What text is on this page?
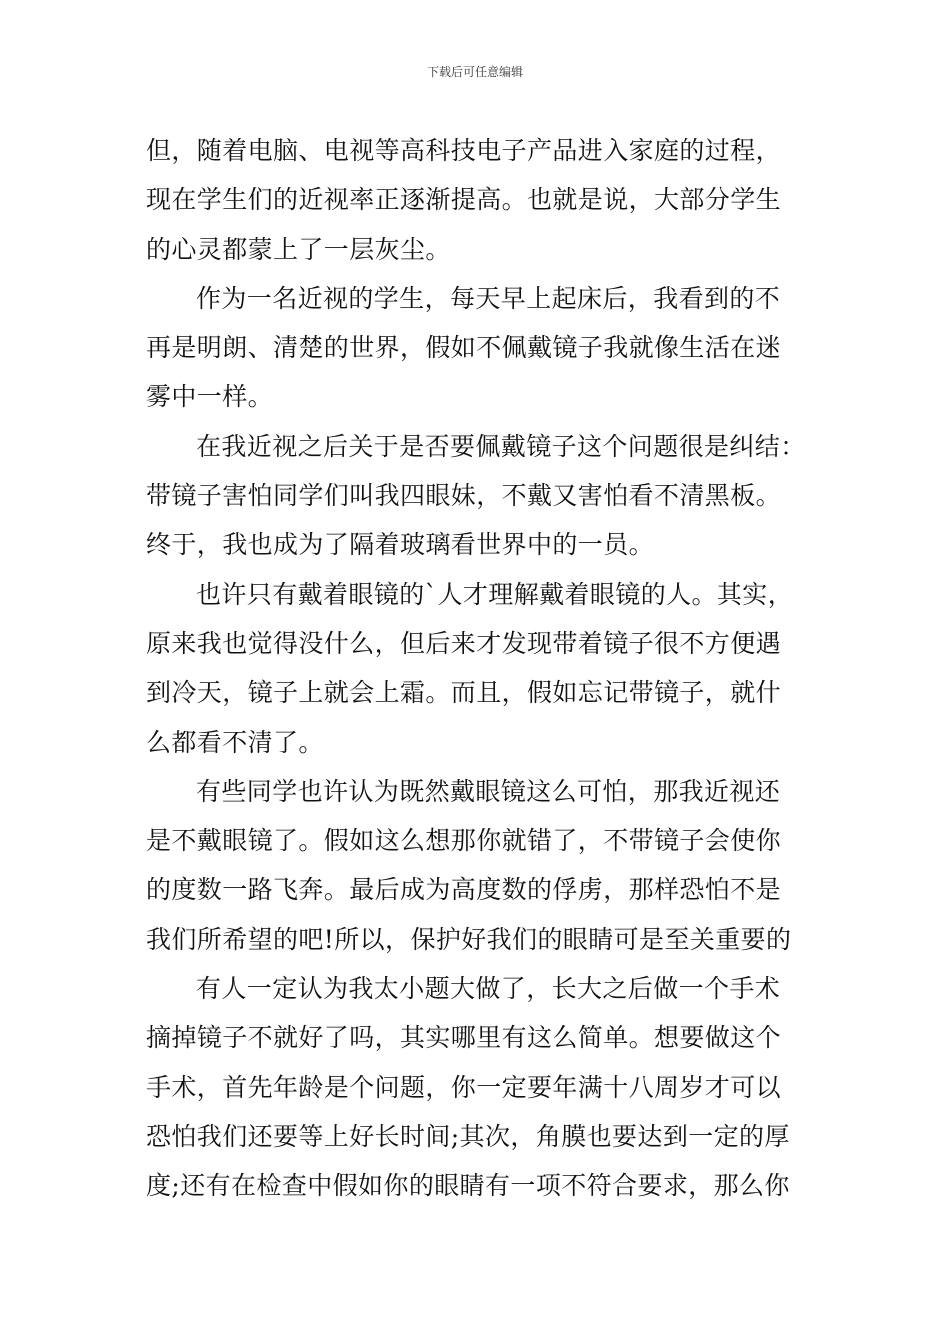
下载后可任意编辑
但，随着电脑、电视等高科技电子产品进入家庭的过程，
现在学生们的近视率正逐渐提高。也就是说，大部分学生
的心灵都蒙上了一层灰尘。
作为一名近视的学生，每天早上起床后，我看到的不
再是明朗、清楚的世界，假如不佩戴镜子我就像生活在迷
雾中一样。
在我近视之后关于是否要佩戴镜子这个问题很是纠结：
带镜子害怕同学们叫我四眼妹，不戴又害怕看不清黑板。
终于，我也成为了隔着玻璃看世界中的一员。
也许只有戴着眼镜的`人才理解戴着眼镜的人。其实，
原来我也觉得没什么，但后来才发现带着镜子很不方便遇
到冷天，镜子上就会上霜。而且，假如忘记带镜子，就什
么都看不清了。
有些同学也许认为既然戴眼镜这么可怕，那我近视还
是不戴眼镜了。假如这么想那你就错了，不带镜子会使你
的度数一路飞奔。最后成为高度数的俘虏，那样恐怕不是
我们所希望的吧!所以，保护好我们的眼睛可是至关重要的
有人一定认为我太小题大做了，长大之后做一个手术
摘掉镜子不就好了吗，其实哪里有这么简单。想要做这个
手术，首先年龄是个问题，你一定要年满十八周岁才可以
恐怕我们还要等上好长时间;其次，角膜也要达到一定的厚
度;还有在检查中假如你的眼睛有一项不符合要求，那么你
